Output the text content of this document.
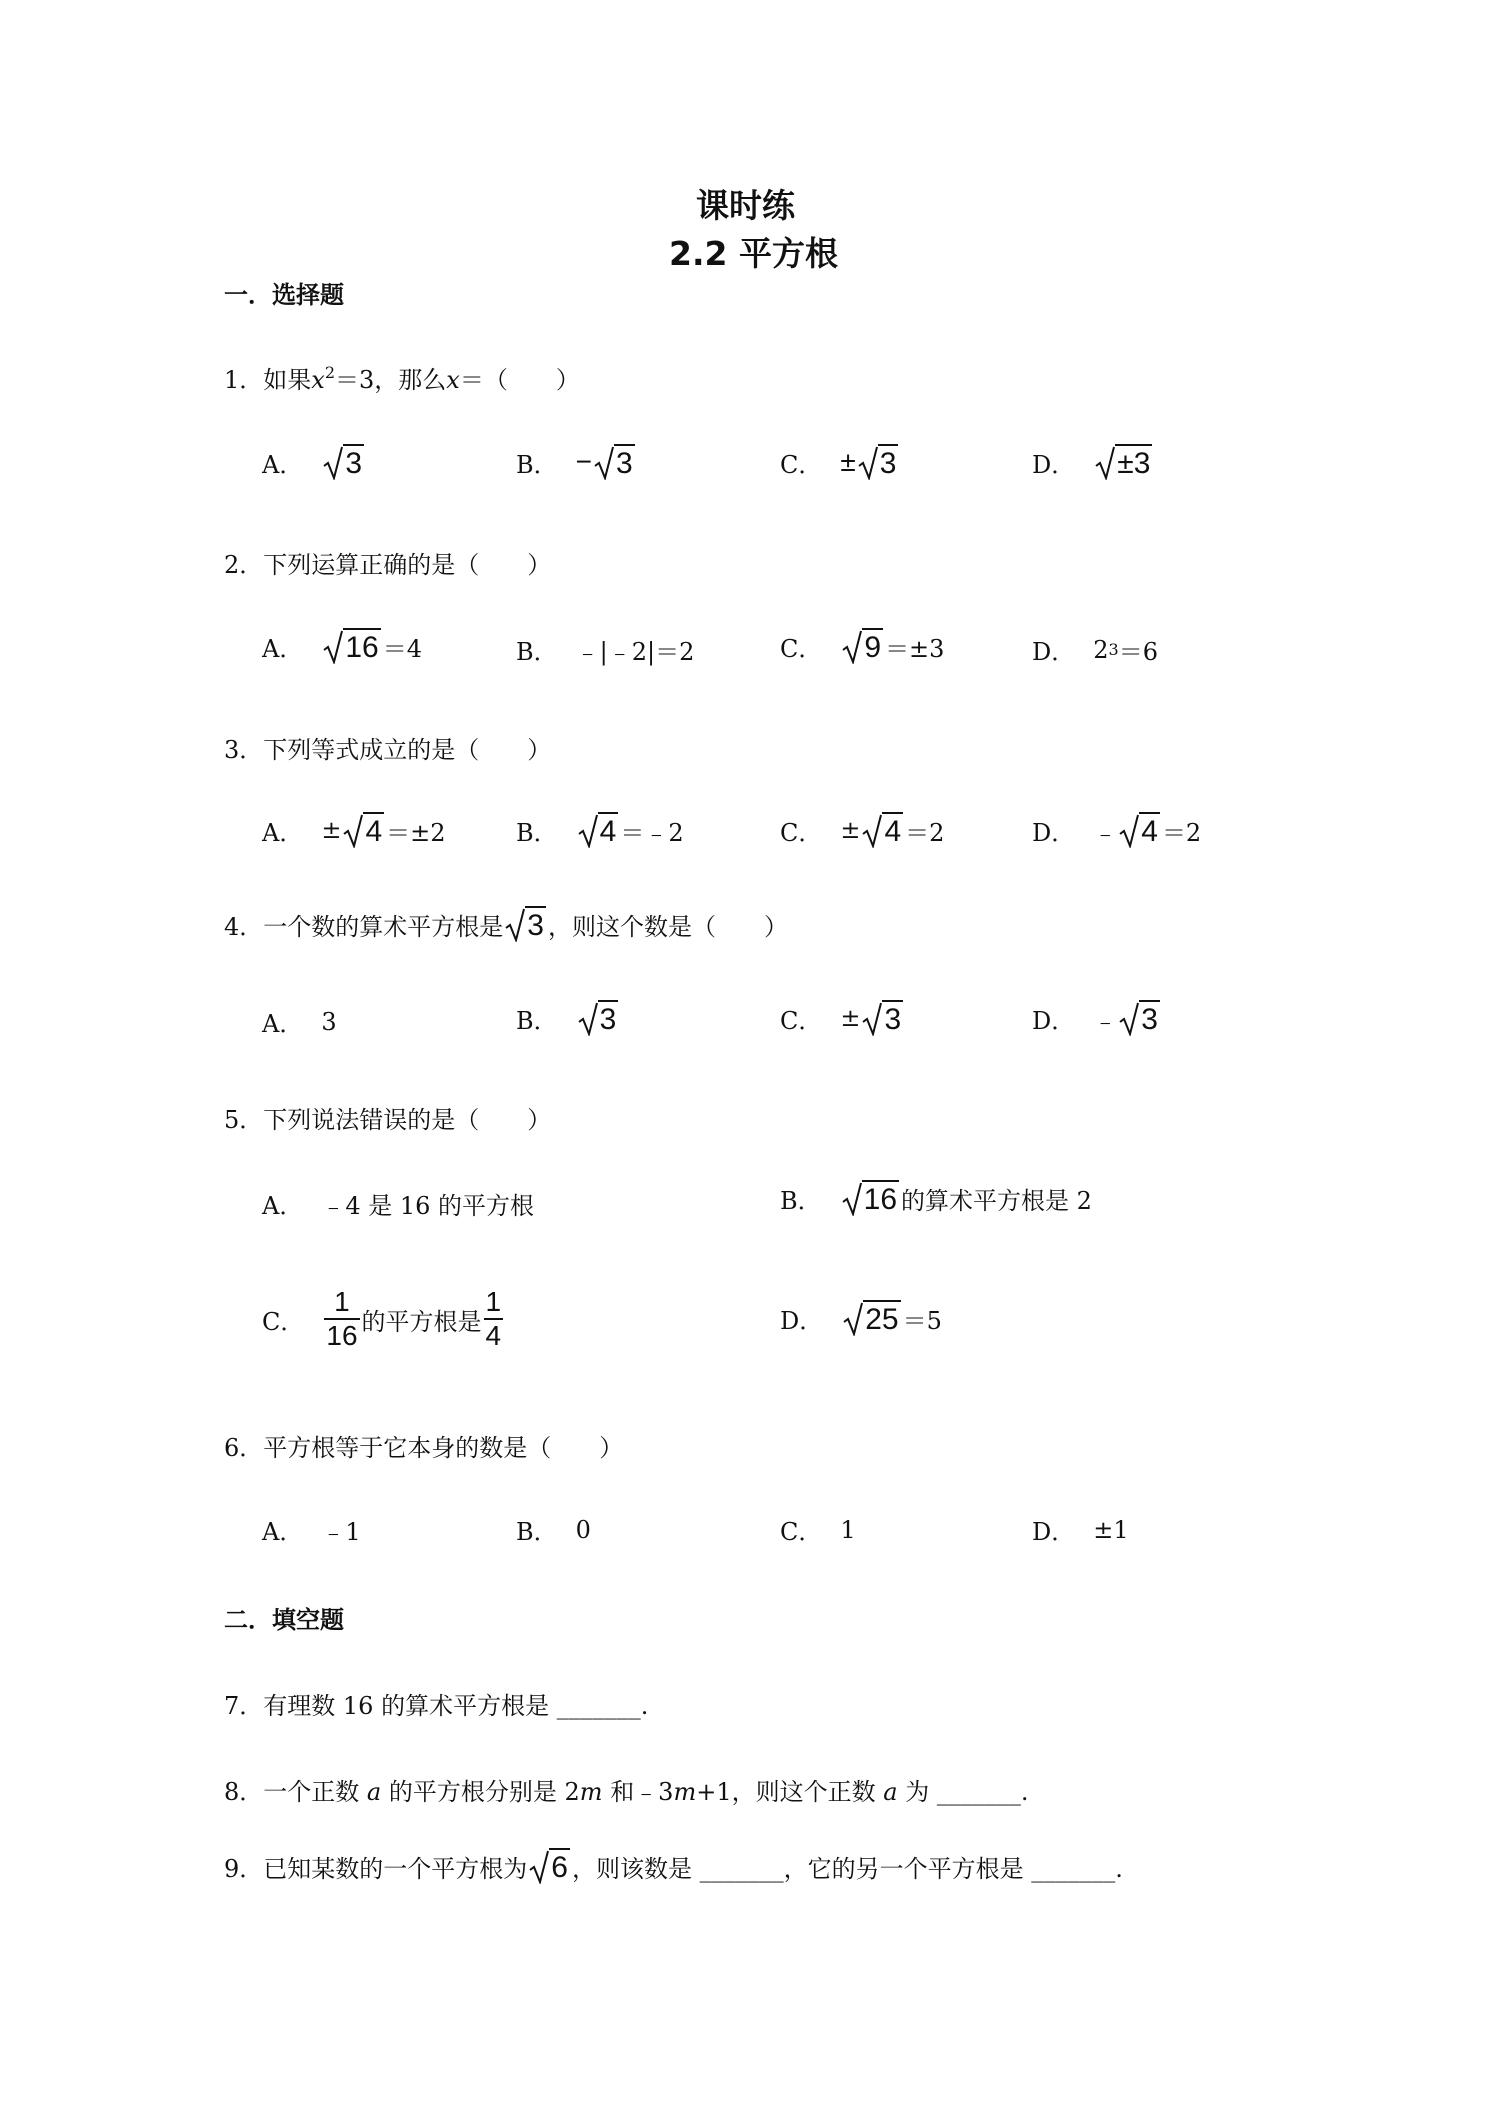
课时练
2.2 平方根
一．选择题
1．如果$x^2=3$，那么x＝（　　）
A． 3	B． − 3	C． ± 3	D． ±3
2．下列运算正确的是（　　）
A． 16 ＝4	B． ﹣|﹣2|＝2	C． 9 ＝±3	D． 2 3 ＝6
3．下列等式成立的是（　　）
A． ± 4 ＝±2	B． 4 ＝﹣2	C． ± 4 ＝2	D． ﹣ 4 ＝2
4． 一个数的算术平方根是 3 ，则这个数是（　　）
A． 3	B． 3	C． ± 3	D． ﹣ 3
5．下列说法错误的是（　　）
A． ﹣4 是 16 的平方根	B． 16 的算术平方根是 2
C． $\frac{1}{16}$ 的平方根是 $\frac{1}{4}$	D． 25 ＝5
6．平方根等于它本身的数是（　　）
A． ﹣1	B． 0	C． 1	D． ±1
二．填空题
7．有理数 16 的算术平方根是 _______.
8．一个正数 a 的平方根分别是 2m 和﹣3m+1，则这个正数 a 为 _______.
9． 已知某数的一个平方根为 6 ，则该数是 _______，它的另一个平方根是 _______.
